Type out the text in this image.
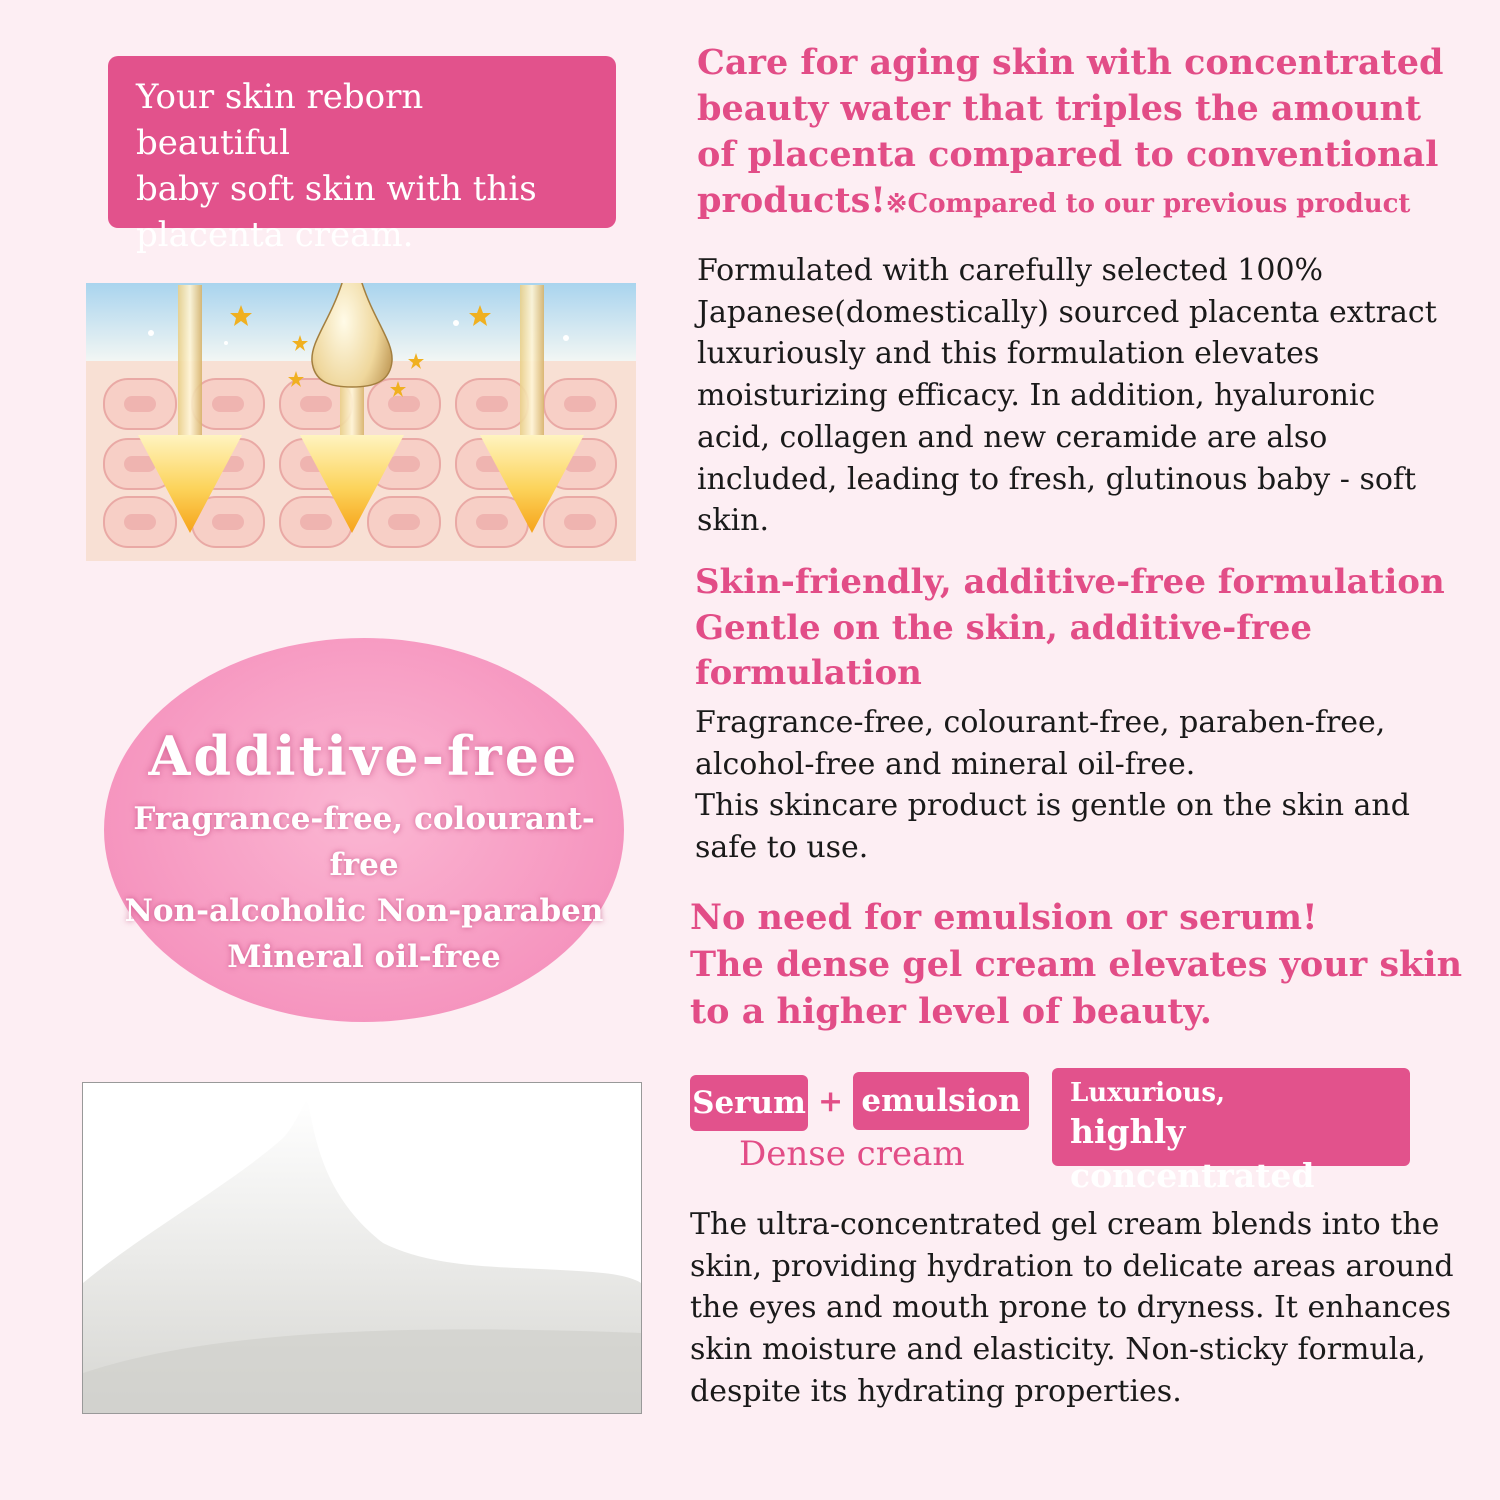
Your skin reborn beautiful
baby soft skin with this
placenta cream.
Additive-free
Fragrance-free, colourant-free
Non-alcoholic Non-paraben
Mineral oil-free
Care for aging skin with concentrated beauty water that triples the amount of placenta compared to conventional products!※Compared to our previous product
Formulated with carefully selected 100% Japanese(domestically) sourced placenta extract luxuriously and this formulation elevates moisturizing efficacy. In addition, hyaluronic acid, collagen and new ceramide are also included, leading to fresh, glutinous baby - soft skin.
Skin-friendly, additive-free formulation Gentle on the skin, additive-free formulation
Fragrance-free, colourant-free, paraben-free, alcohol-free and mineral oil-free.
This skincare product is gentle on the skin and safe to use.
No need for emulsion or serum!
The dense gel cream elevates your skin to a higher level of beauty.
Serum + emulsion
Dense cream
Luxurious,
highly concentrated
The ultra-concentrated gel cream blends into the skin, providing hydration to delicate areas around the eyes and mouth prone to dryness. It enhances skin moisture and elasticity. Non-sticky formula, despite its hydrating properties.
